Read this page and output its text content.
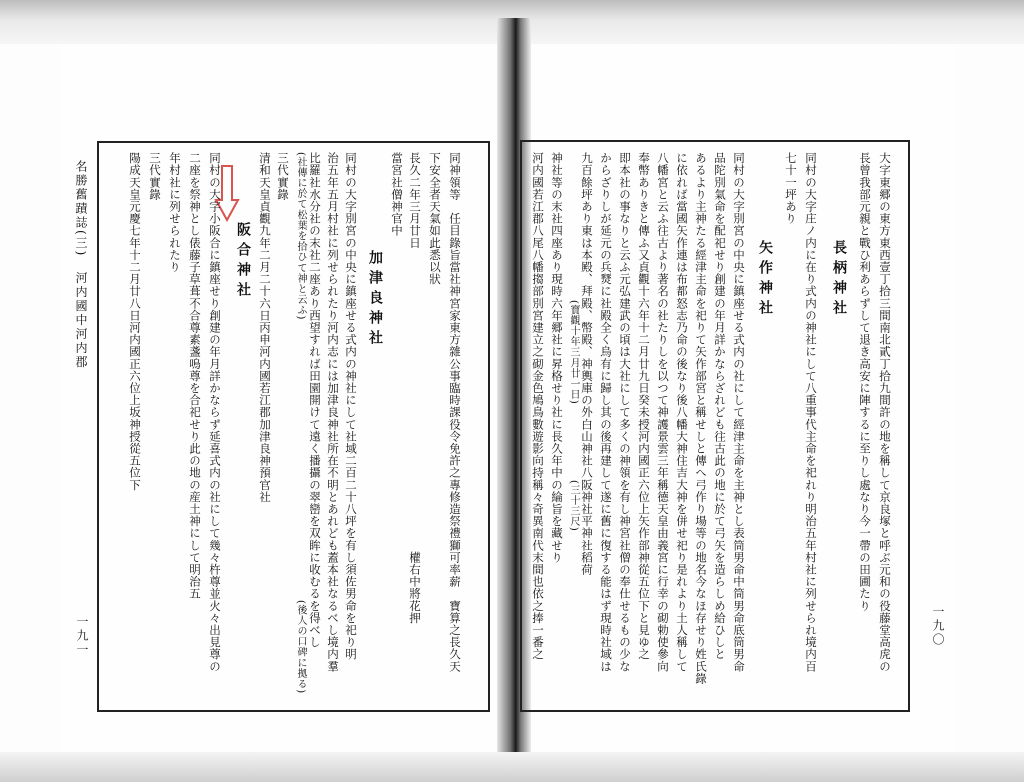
名勝舊蹟誌(三)　河内國中河内郡
一九一	同神領等　任目錄旨當社神宮家東方雜公事臨時課役令免許之專修造祭禮獅可率薪　寶算之長久天
下安全者天氣如此悉以狀
長久二年三月廿日　　　　　　　　　　　　　　　　　　　　　　　　　權右中將花押
當宮社僧神官中
加津良神社
同村の大字別宮の中央に鎮座せる式内の神社にして社域二百二十八坪を有し須佐男命を祀り明
治五年五月村社に列せられたり河内志には加津良神社所在不明とあれども蓋本社なるべし境内羣
比羅社水分社の末社二座あり西望すれば田園開けて遠く播攝の翠巒を双眸に收むるを得べし
(社傳に於て松葉を拾ひて神と云ふ)
(後人の口碑に拠る)
三代實錄
清和天皇貞觀九年二月二十六日丙申河内國若江郡加津良神預官社
阪合神社
同村の大字小阪合に鎮座せり創建の年月詳かならず延喜式内の社にして幾々杵尊並火々出見尊の
二座を祭神とし俵藤子草葺不合尊素盞嗚尊を合祀せり此の地の産土神にして明治五
年村社に列せられたり
三代實錄
陽成天皇元慶七年十二月廿八日河内國正六位上坂神授從五位下
一九〇
大字東郷の東方東西壹丁拾三間南北貳丁拾九間許の地を稱して京良塚と呼ぶ元和の役藤堂高虎の
長曾我部元親と戰ひ利あらずして退き高安に陣するに至りし處なり今一帶の田圃たり
長柄神社
同村の大字庄ノ内に在り式内の神社にして八重事代主命を祀れり明治五年村社に列せられ境内百
七十一坪あり
矢作神社
同村の大字別宮の中央に鎮座せる式内の社にして經津主命を主神とし表筒男命中筒男命底筒男命
品陀別氣命を配祀せり創建の年月詳かならざれども往古此の地に於て弓矢を造らしめ給ひしと
あるより主神たる經津主命を祀りて矢作部宮と稱せしと傳へ弓作り場等の地名今なほ存せり姓氏錄
に依れば當國矢作連は布都怒志乃命の後なり後八幡大神住吉大神を併せ祀り是れより土人稱して
八幡宮と云ふ往古より著名の社たりしを以つて神護景雲三年稱德天皇由義宮に行幸の砌勅使參向
奉幣ありきと傳ふ又貞觀十六年十二月廿九日癸未授河内國正六位上矢作部神從五位下と見ゆ之
即本社の事なりと云ふ元弘建武の頃は大社にして多くの神領を有し神宮社僧の奉仕せるもの少な
からざりしが延元の兵燹に社殿全く烏有に歸し其の後再建して遂に舊に復する能はず現時社域は
九百餘坪あり東は本殿、拜殿、幣殿、神輿庫の外白山神社八阪神社平神社稻荷
(寶觀十年三月廿一日)
(三十三尺)
神社等の末社四座あり現時六年郷社に昇格せり社に長久年中の綸旨を藏せり
河内國若江郡八尾八幡搊部別宮建立之砌金色鳩鳥數遊影向持稱々奇異南代末間也依之捧一番之
